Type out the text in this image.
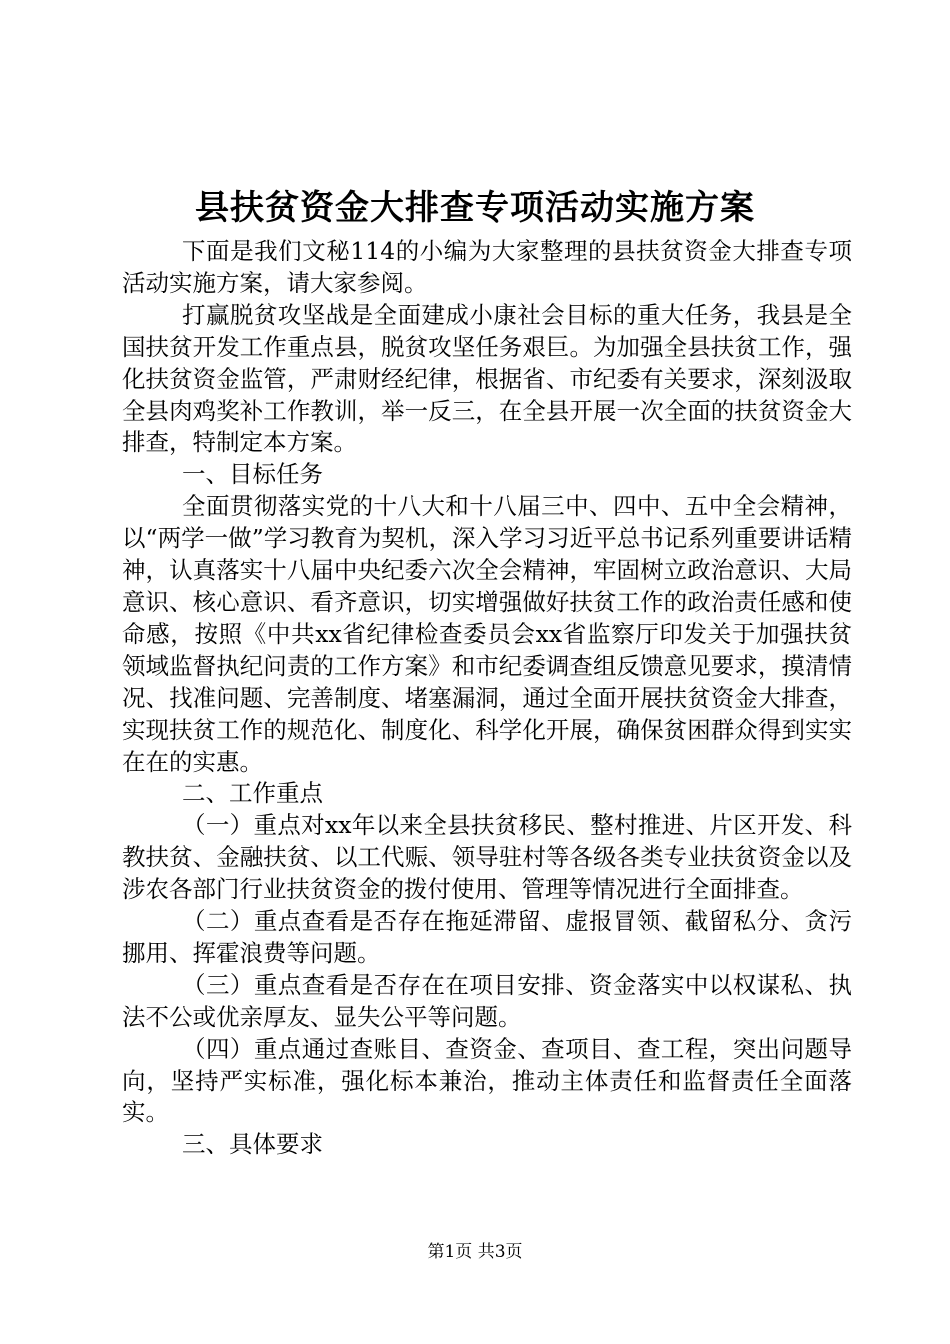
县扶贫资金大排查专项活动实施方案

下面是我们文秘114的小编为大家整理的县扶贫资金大排查专项活动实施方案，请大家参阅。

打赢脱贫攻坚战是全面建成小康社会目标的重大任务，我县是全国扶贫开发工作重点县，脱贫攻坚任务艰巨。为加强全县扶贫工作，强化扶贫资金监管，严肃财经纪律，根据省、市纪委有关要求，深刻汲取全县肉鸡奖补工作教训，举一反三，在全县开展一次全面的扶贫资金大排查，特制定本方案。

一、目标任务

全面贯彻落实党的十八大和十八届三中、四中、五中全会精神，以“两学一做”学习教育为契机，深入学习习近平总书记系列重要讲话精神，认真落实十八届中央纪委六次全会精神，牢固树立政治意识、大局意识、核心意识、看齐意识，切实增强做好扶贫工作的政治责任感和使命感，按照《中共xx省纪律检查委员会xx省监察厅印发关于加强扶贫领域监督执纪问责的工作方案》和市纪委调查组反馈意见要求，摸清情况、找准问题、完善制度、堵塞漏洞，通过全面开展扶贫资金大排查，实现扶贫工作的规范化、制度化、科学化开展，确保贫困群众得到实实在在的实惠。

二、工作重点

（一）重点对xx年以来全县扶贫移民、整村推进、片区开发、科教扶贫、金融扶贫、以工代赈、领导驻村等各级各类专业扶贫资金以及涉农各部门行业扶贫资金的拨付使用、管理等情况进行全面排查。

（二）重点查看是否存在拖延滞留、虚报冒领、截留私分、贪污挪用、挥霍浪费等问题。

（三）重点查看是否存在在项目安排、资金落实中以权谋私、执法不公或优亲厚友、显失公平等问题。

（四）重点通过查账目、查资金、查项目、查工程，突出问题导向，坚持严实标准，强化标本兼治，推动主体责任和监督责任全面落实。

三、具体要求

第1页 共3页
